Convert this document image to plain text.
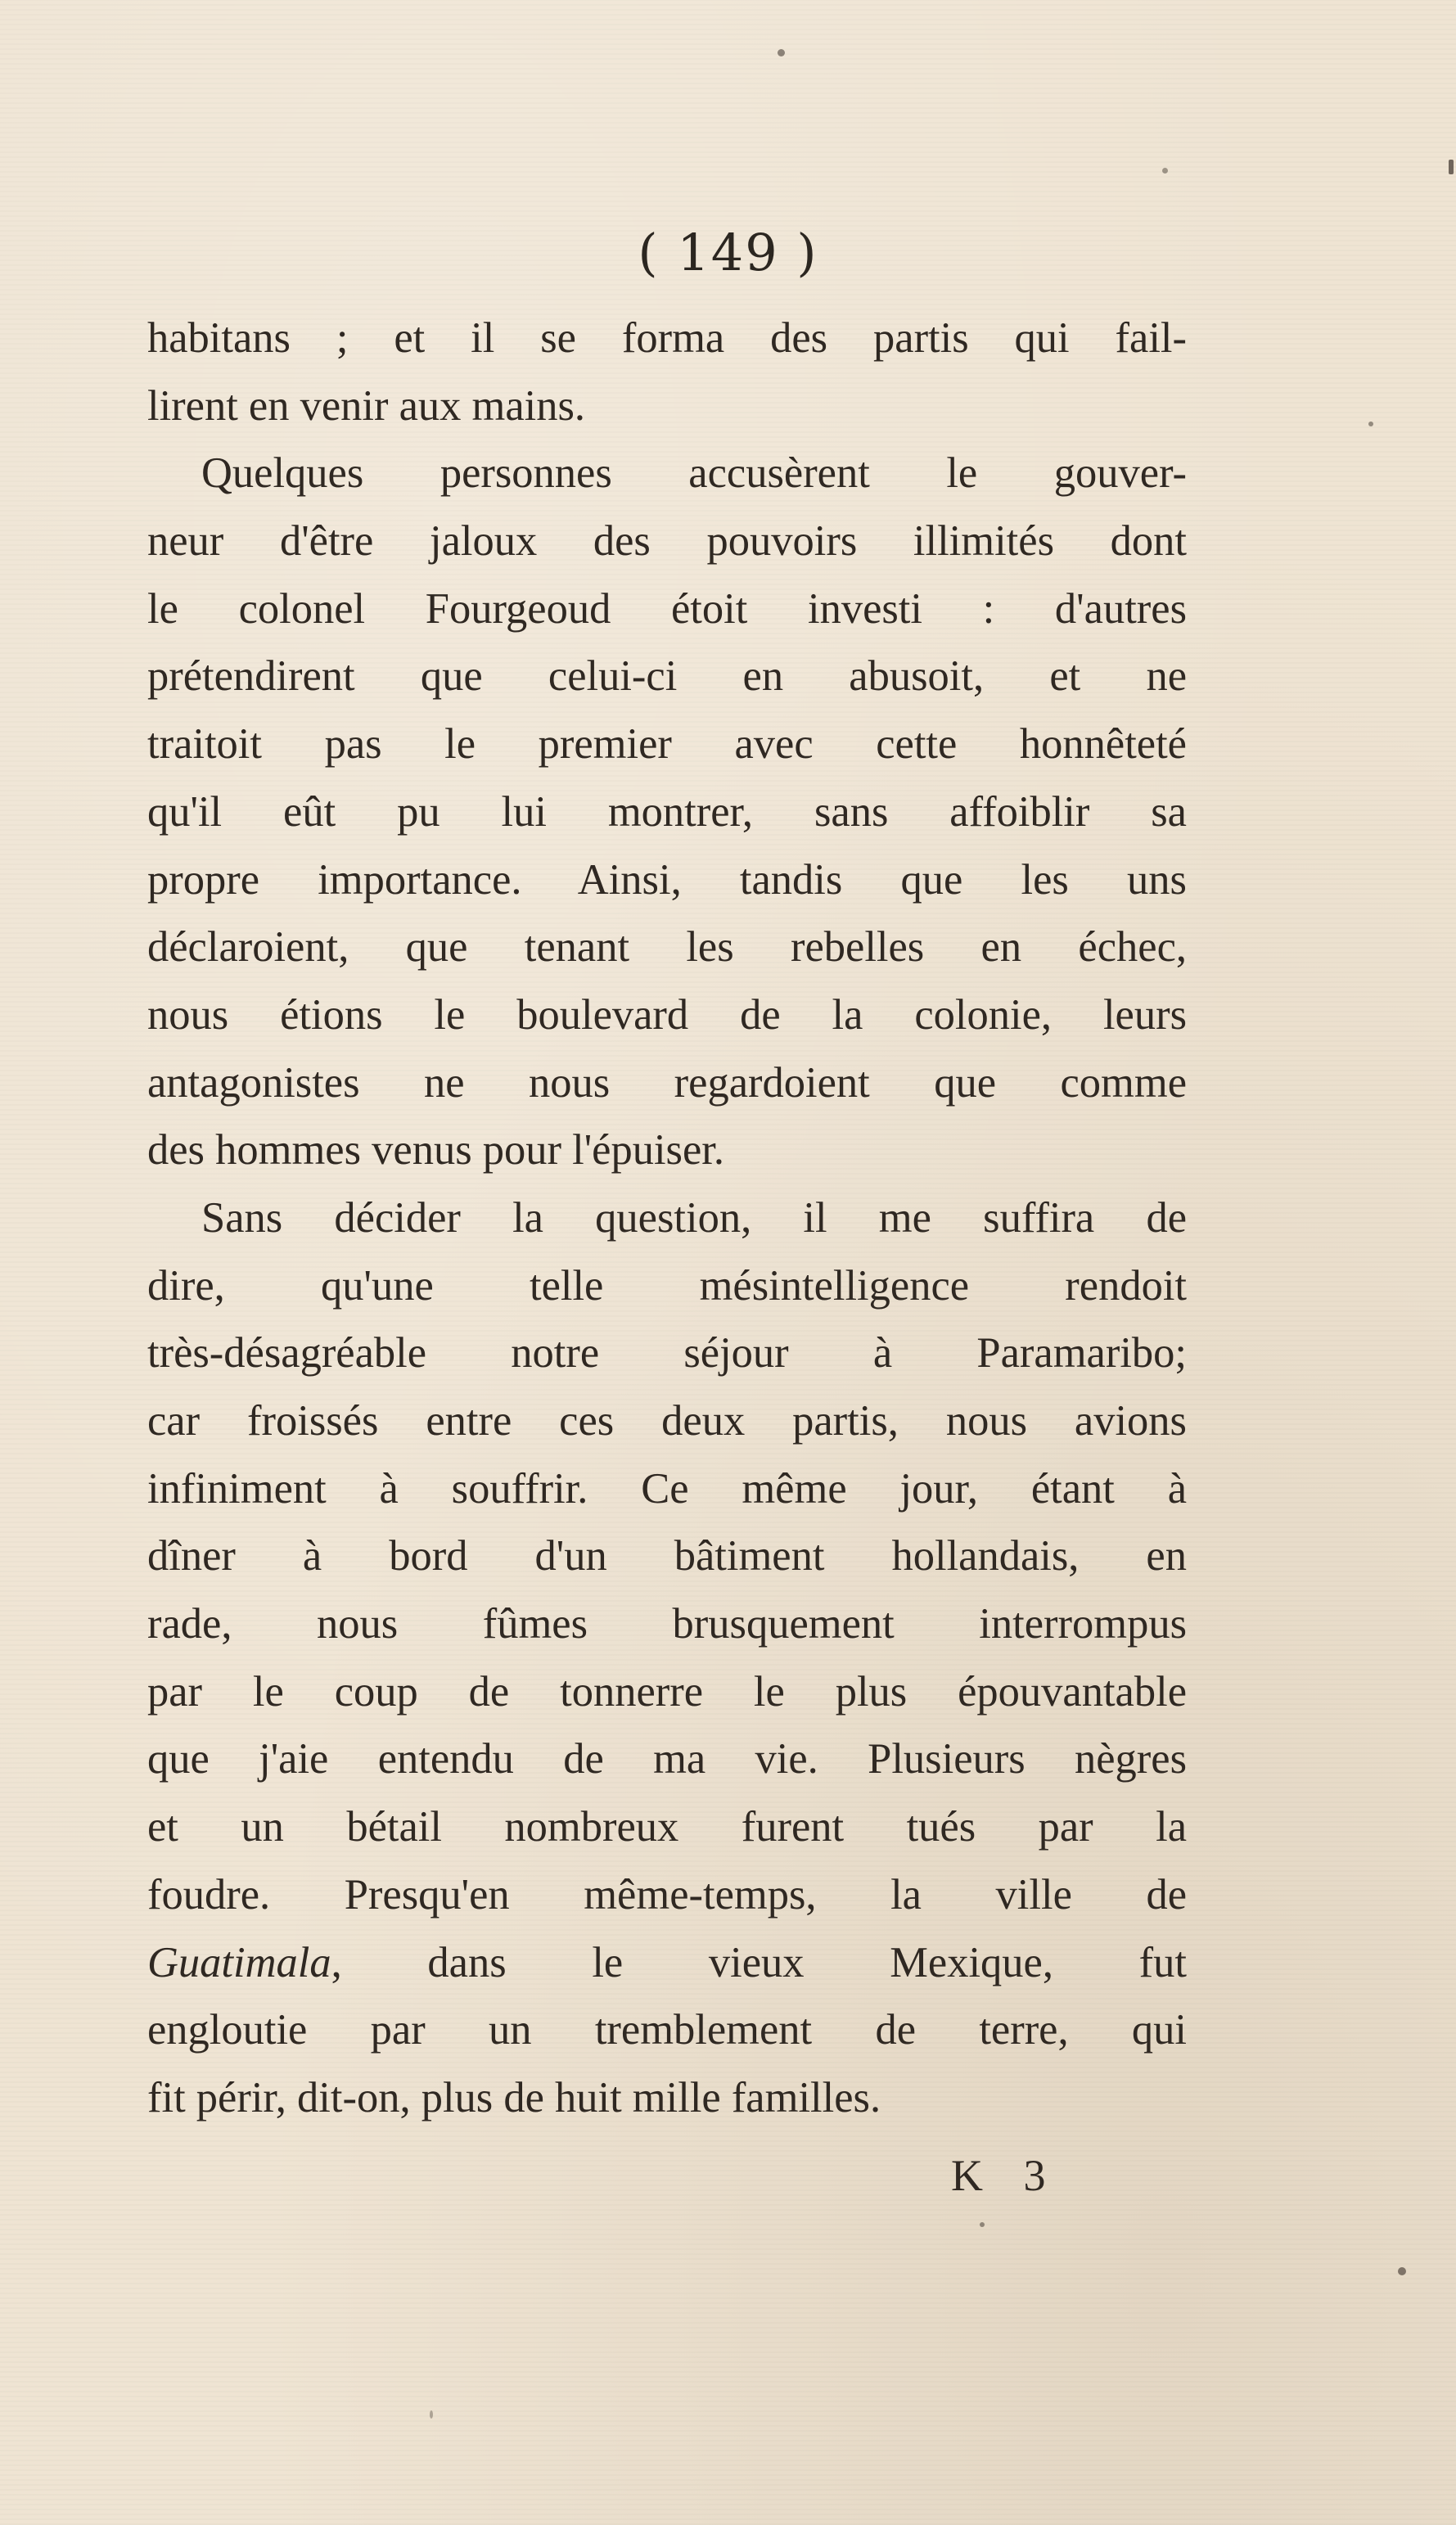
( 149 )
habitans ; et il se forma des partis qui fail-
lirent en venir aux mains.
Quelques personnes accusèrent le gouver-
neur d'être jaloux des pouvoirs illimités dont
le colonel Fourgeoud étoit investi : d'autres
prétendirent que celui-ci en abusoit, et ne
traitoit pas le premier avec cette honnêteté
qu'il eût pu lui montrer, sans affoiblir sa
propre importance. Ainsi, tandis que les uns
déclaroient, que tenant les rebelles en échec,
nous étions le boulevard de la colonie, leurs
antagonistes ne nous regardoient que comme
des hommes venus pour l'épuiser.
Sans décider la question, il me suffira de
dire, qu'une telle mésintelligence rendoit
très-désagréable notre séjour à Paramaribo;
car froissés entre ces deux partis, nous avions
infiniment à souffrir. Ce même jour, étant à
dîner à bord d'un bâtiment hollandais, en
rade, nous fûmes brusquement interrompus
par le coup de tonnerre le plus épouvantable
que j'aie entendu de ma vie. Plusieurs nègres
et un bétail nombreux furent tués par la
foudre. Presqu'en même-temps, la ville de
Guatimala, dans le vieux Mexique, fut
engloutie par un tremblement de terre, qui
fit périr, dit-on, plus de huit mille familles.
K 3
